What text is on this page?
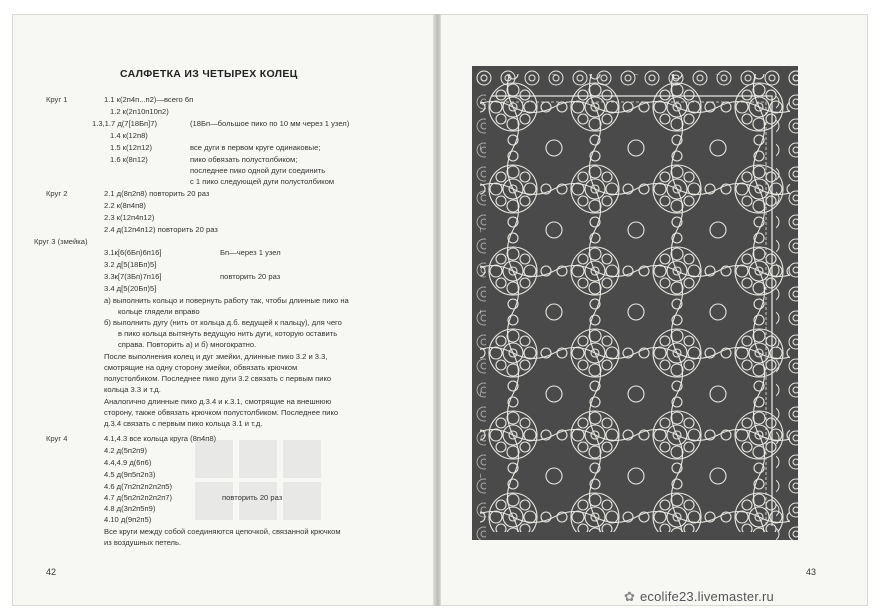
САЛФЕТКА ИЗ ЧЕТЫРЕХ КОЛЕЦ
Круг 1	1.1 к(2п4п...п2)—всего 6п
1.2 к(2п10п10п2)
1.3,1.7 д(7[18Бп]7)	(18Бп—большое пико по 10 мм через 1 узел)
1.4 к(12п8)
1.5 к(12п12)	все дуги в первом круге одинаковые;
1.6 к(8п12)	пико обвязать полустолбиком;
последнее пико одной дуги соединить
с 1 пико следующей дуги полустолбиком
Круг 2	2.1 д(8п2п8) повторить 20 раз
2.2 к(8п4п8)
2.3 к(12п4п12)
2.4 д(12п4п12) повторить 20 раз
Круг 3 (змейка)
3.1к[6(6Бп)6п16]	Бп—через 1 узел
3.2 д[5(18Бп)5]
3.3к[7(3Бп)7п16]	повторить 20 раз
3.4 д[5(20Бп)5]
а) выполнить кольцо и повернуть работу так, чтобы длинные пико на
кольце глядели вправо
б) выполнить дугу (нить от кольца д.б. ведущей к пальцу), для чего
в пико кольца вытянуть ведущую нить дуги, которую оставить
справа. Повторить а) и б) многократно.
После выполнения колец и дуг змейки, длинные пико 3.2 и 3.3,
смотрящие на одну сторону змейки, обвязать крючком
полустолбиком. Последнее пико дуги 3.2 связать с первым пико
кольца 3.3 и т.д.
Аналогично длинные пико д.3.4 и к.3.1, смотрящие на внешнюю
сторону, также обвязать крючком полустолбиком. Последнее пико
д.3.4 связать с первым пико кольца 3.1 и т.д.
Круг 4	4.1,4.3 все кольца круга (8п4п8)
4.2 д(5п2п9)
4.4,4.9 д(6п6)
4.5 д(9п5п2п3)
4.6 д(7п2п2п2п2п5)
4.7 д(5п2п2п2п2п7)	повторить 20 раз
4.8 д(3п2п5п9)
4.10 д(9п2п5)
Все круги между собой соединяются цепочкой, связанной крючком
из воздушных петель.
42	43
✿ ecolife23.livemaster.ru
